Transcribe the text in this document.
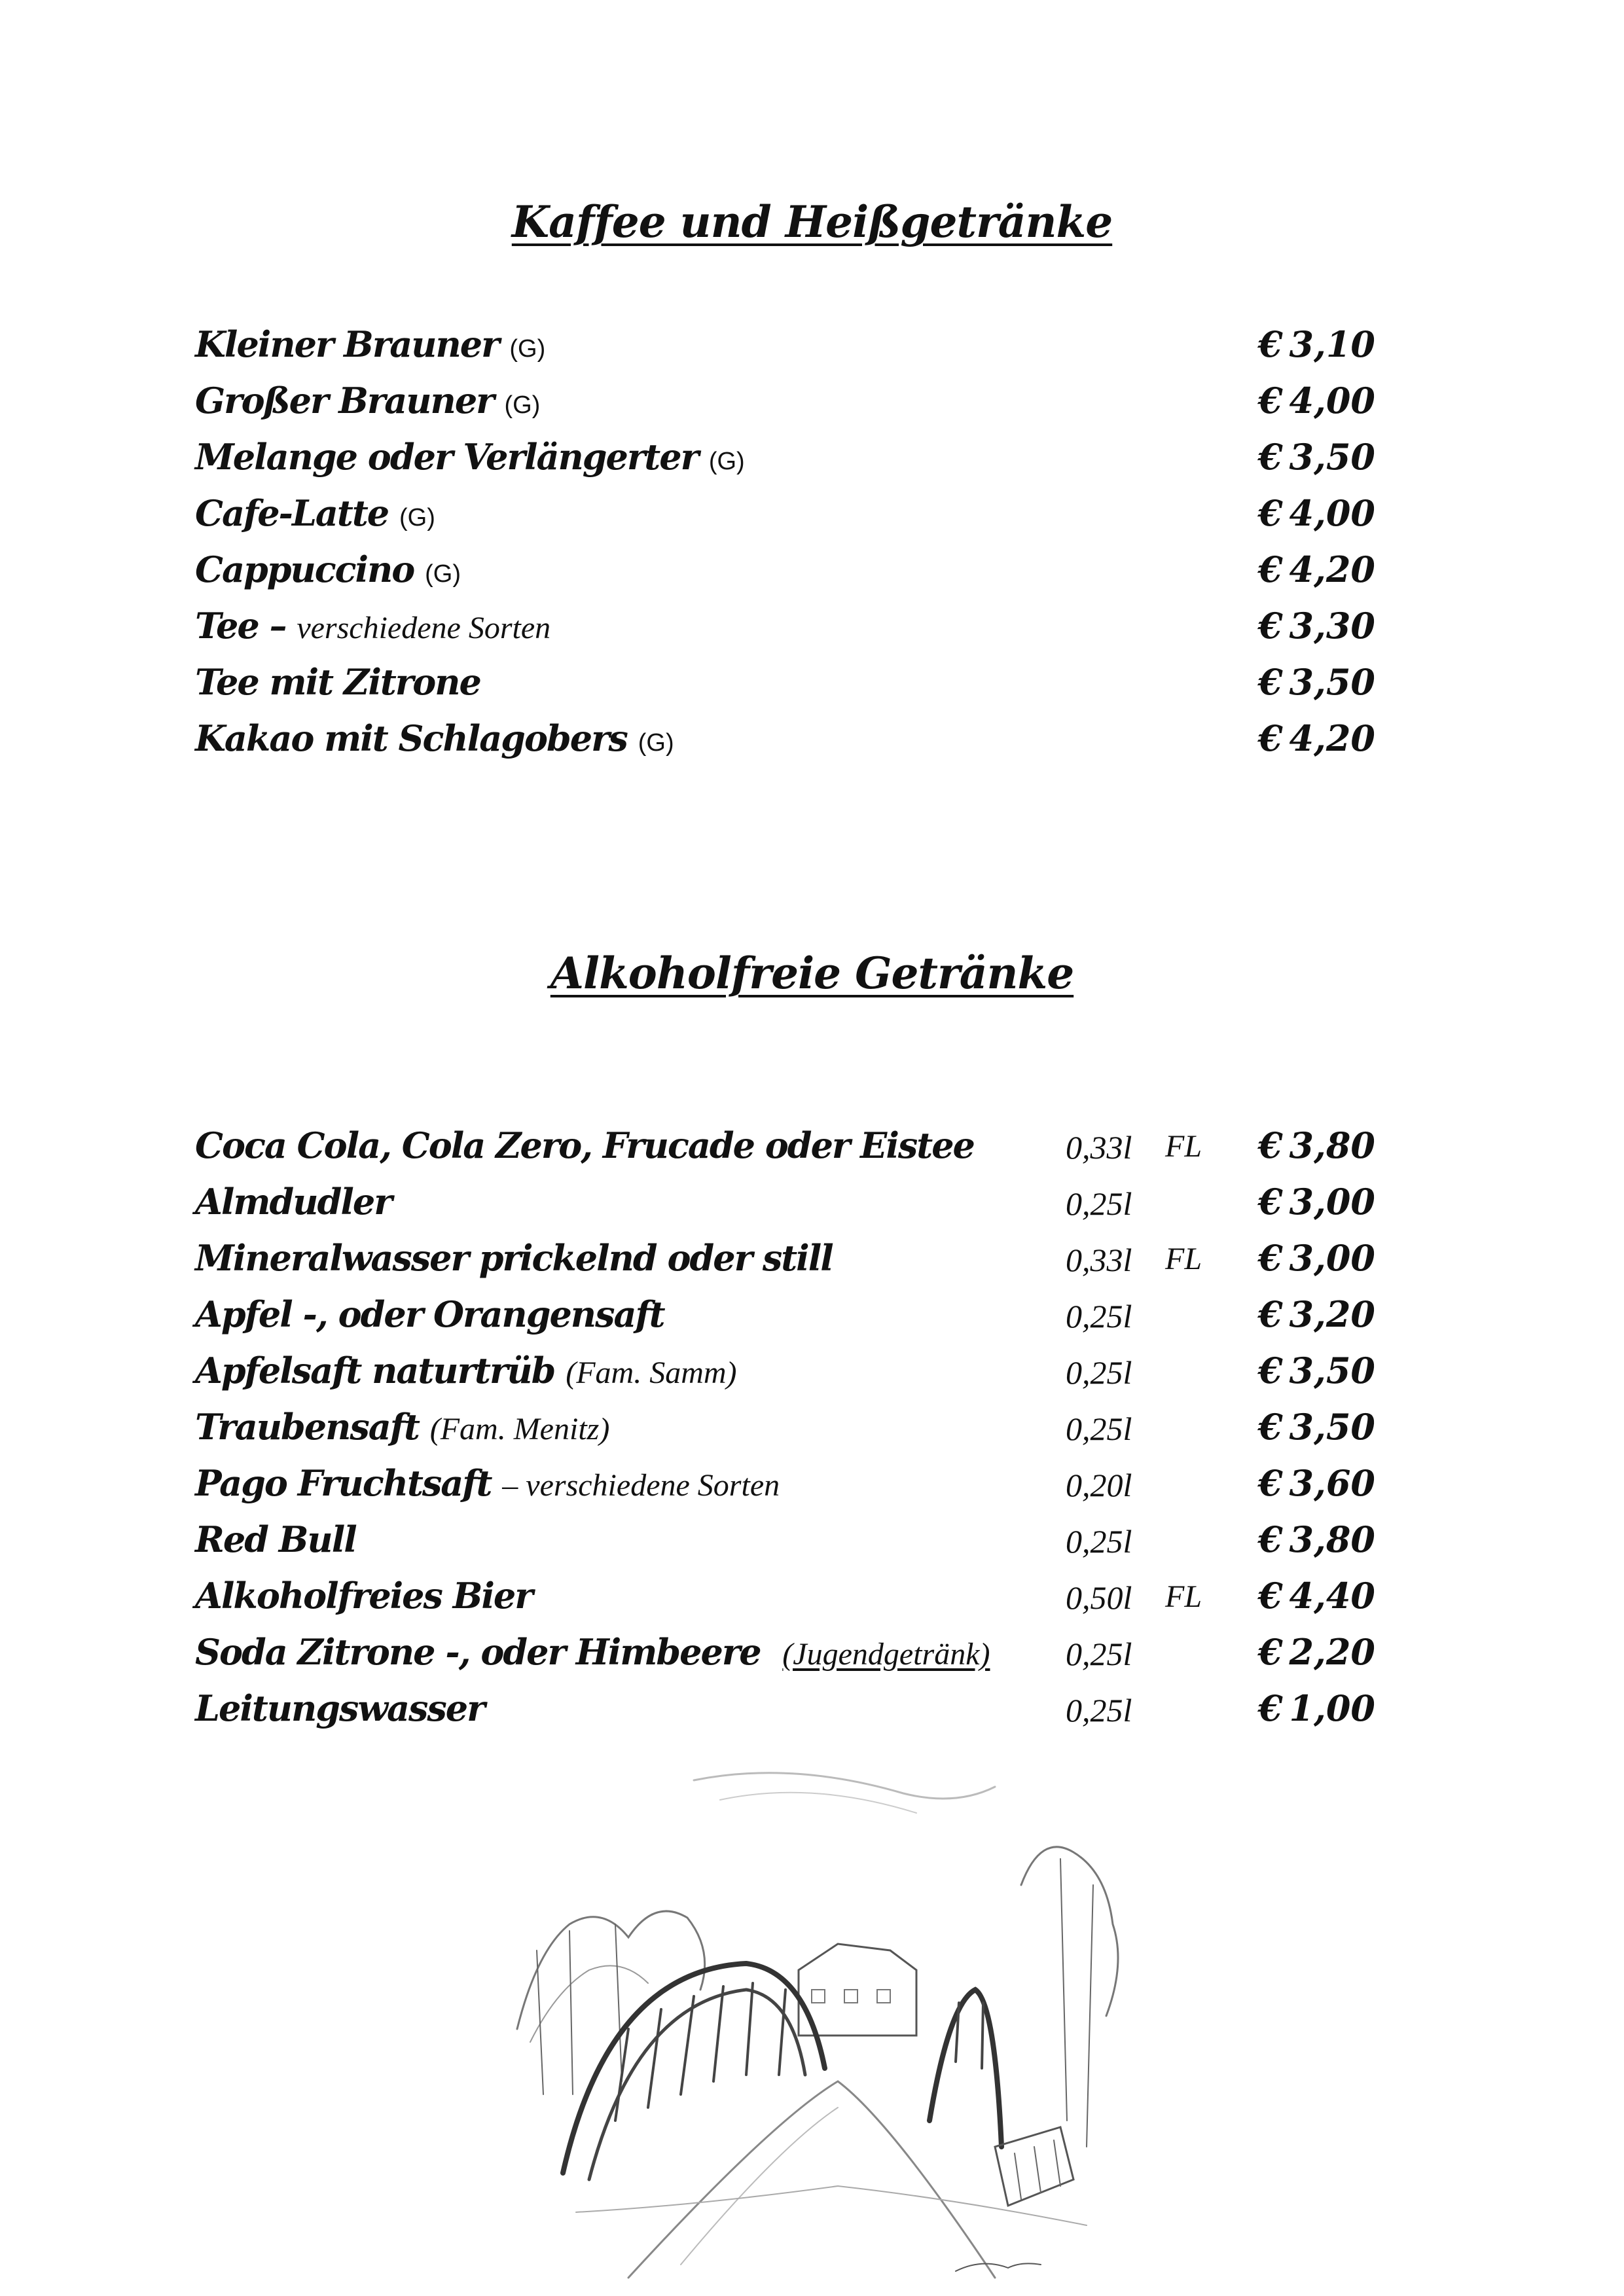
Kaffee und Heißgetränke
Kleiner Brauner (G)	€ 3,10
Großer Brauner (G)	€ 4,00
Melange oder Verlängerter (G)	€ 3,50
Cafe-Latte (G)	€ 4,00
Cappuccino (G)	€ 4,20
Tee – verschiedene Sorten	€ 3,30
Tee mit Zitrone	€ 3,50
Kakao mit Schlagobers (G)	€ 4,20
Alkoholfreie Getränke
Coca Cola, Cola Zero, Frucade oder Eistee	0,33l FL € 3,80
Almdudler	0,25l	€ 3,00
Mineralwasser prickelnd oder still	0,33l FL € 3,00
Apfel -, oder Orangensaft	0,25l	€ 3,20
Apfelsaft naturtrüb (Fam. Samm)	0,25l	€ 3,50
Traubensaft (Fam. Menitz)	0,25l	€ 3,50
Pago Fruchtsaft – verschiedene Sorten	0,20l	€ 3,60
Red Bull	0,25l	€ 3,80
Alkoholfreies Bier	0,50l FL € 4,40
Soda Zitrone -, oder Himbeere (Jugendgetränk) 0,25l	€ 2,20
Leitungswasser	0,25l	€ 1,00
